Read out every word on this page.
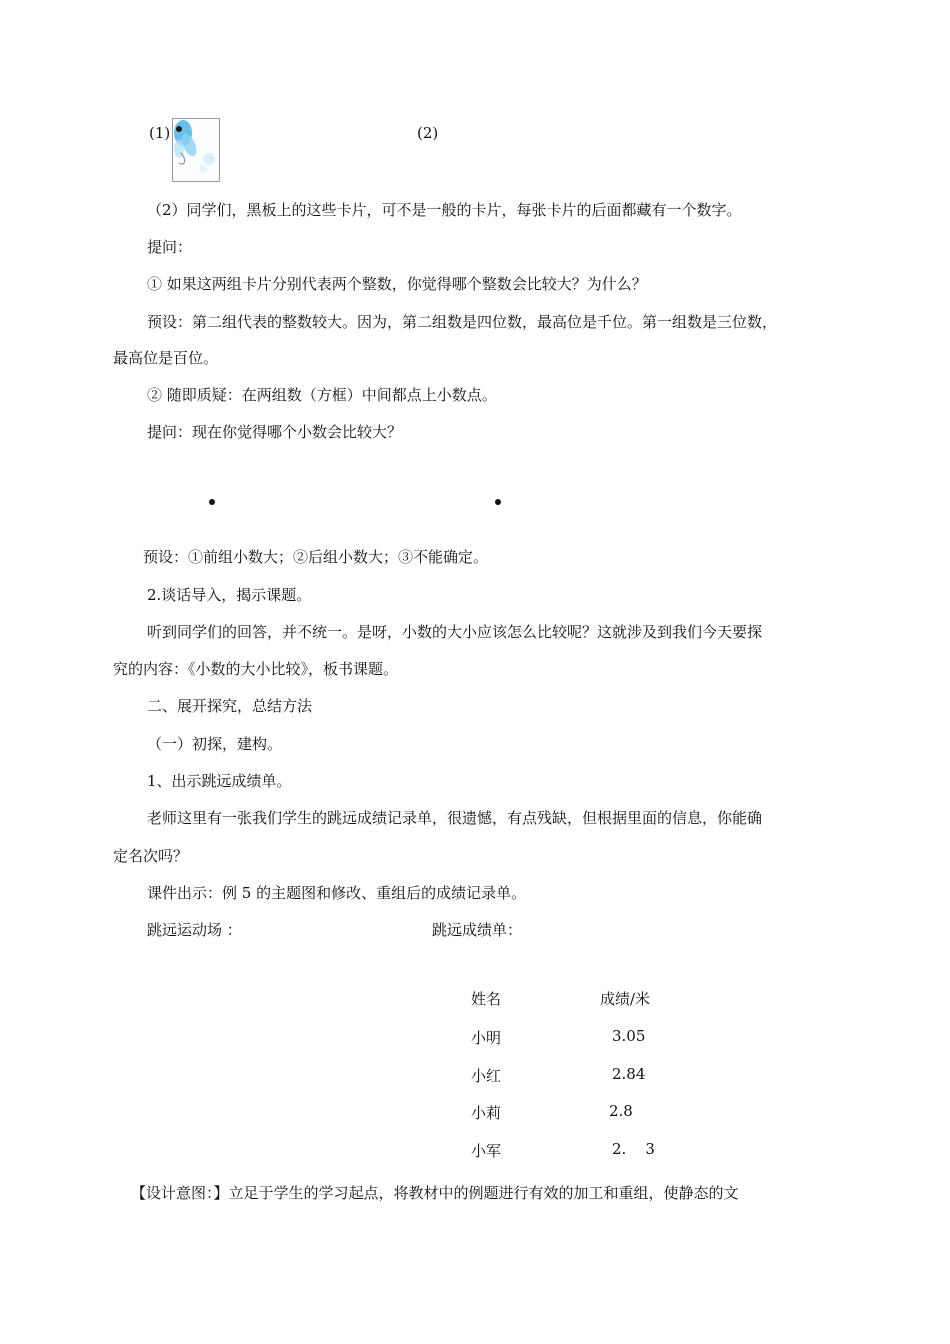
(1)	(2)
（2）同学们，黑板上的这些卡片，可不是一般的卡片，每张卡片的后面都藏有一个数字。
提问：
① 如果这两组卡片分别代表两个整数，你觉得哪个整数会比较大？为什么？
预设：第二组代表的整数较大。因为，第二组数是四位数，最高位是千位。第一组数是三位数，
最高位是百位。
② 随即质疑：在两组数（方框）中间都点上小数点。
提问：现在你觉得哪个小数会比较大？
预设：①前组小数大；②后组小数大；③不能确定。
2.谈话导入，揭示课题。
听到同学们的回答，并不统一。是呀，小数的大小应该怎么比较呢？这就涉及到我们今天要探
究的内容：《小数的大小比较》，板书课题。
二、展开探究，总结方法
（一）初探，建构。
1、出示跳远成绩单。
老师这里有一张我们学生的跳远成绩记录单，很遗憾，有点残缺，但根据里面的信息，你能确
定名次吗？
课件出示：例 5 的主题图和修改、重组后的成绩记录单。
跳远运动场 ：	跳远成绩单：
姓名	成绩/米
小明	3.05
小红	2.84
小莉	2.8
小军	2.    3
【设计意图：】立足于学生的学习起点，将教材中的例题进行有效的加工和重组，使静态的文
